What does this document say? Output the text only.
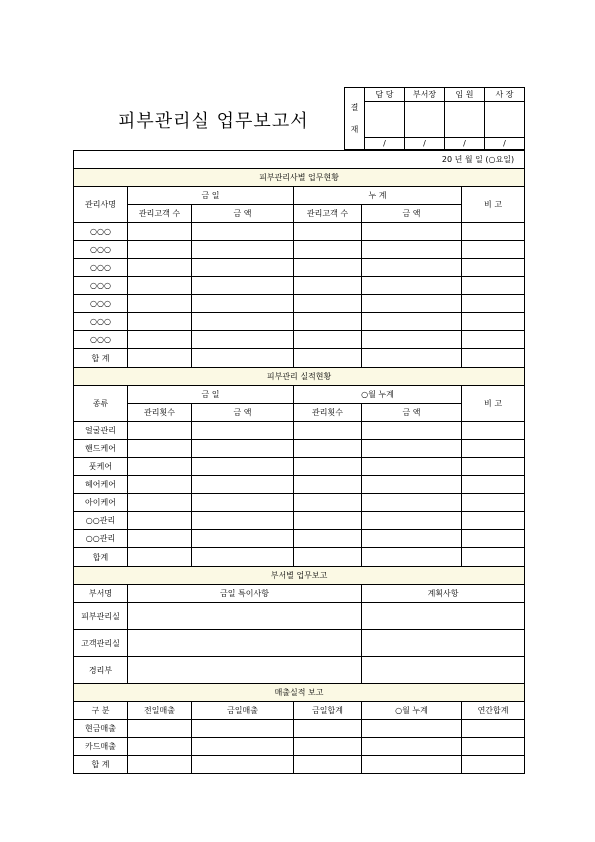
피부관리실 업무보고서
결
재	담 당	부서장	임 원	사 장

	/	/	/	/
20 년 월 일 (○요일)						
피부관리사별 업무현황						
관리사명	금 일		누 계		비 고	
	관리고객 수	금 액	관리고객 수	금 액		
○○○						
○○○						
○○○						
○○○						
○○○						
○○○						
○○○						
합 계						
피부관리 실적현황						
종류	금 일		○월 누계		비 고	
	관리횟수	금 액	관리횟수	금 액		
얼굴관리						
핸드케어						
풋케어						
헤어케어						
아이케어						
○○관리						
○○관리						
합계						
부서별 업무보고						
부서명	금일 특이사항			계획사항		
피부관리실						
고객관리실						
경리부						
매출실적 보고						
구 분	전일매출	금일매출	금일합계	○월 누계	연간합계	
현금매출						
카드매출						
합 계						
